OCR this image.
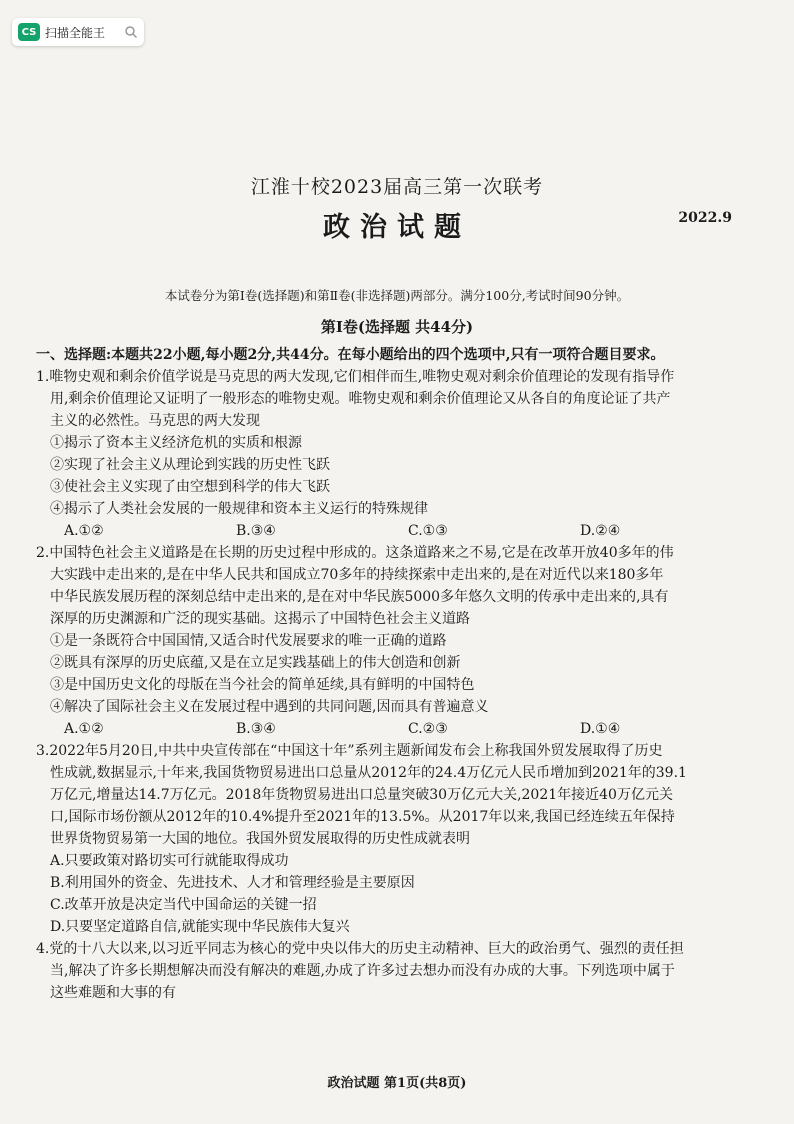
CS 扫描全能王
江淮十校2023届高三第一次联考
政治试题	2022.9
本试卷分为第Ⅰ卷(选择题)和第Ⅱ卷(非选择题)两部分。满分100分,考试时间90分钟。
第Ⅰ卷(选择题 共44分)
一、选择题:本题共22小题,每小题2分,共44分。在每小题给出的四个选项中,只有一项符合题目要求。
1.唯物史观和剩余价值学说是马克思的两大发现,它们相伴而生,唯物史观对剩余价值理论的发现有指导作
用,剩余价值理论又证明了一般形态的唯物史观。唯物史观和剩余价值理论又从各自的角度论证了共产
主义的必然性。马克思的两大发现
①揭示了资本主义经济危机的实质和根源
②实现了社会主义从理论到实践的历史性飞跃
③使社会主义实现了由空想到科学的伟大飞跃
④揭示了人类社会发展的一般规律和资本主义运行的特殊规律
A.①②	B.③④	C.①③	D.②④
2.中国特色社会主义道路是在长期的历史过程中形成的。这条道路来之不易,它是在改革开放40多年的伟
大实践中走出来的,是在中华人民共和国成立70多年的持续探索中走出来的,是在对近代以来180多年
中华民族发展历程的深刻总结中走出来的,是在对中华民族5000多年悠久文明的传承中走出来的,具有
深厚的历史渊源和广泛的现实基础。这揭示了中国特色社会主义道路
①是一条既符合中国国情,又适合时代发展要求的唯一正确的道路
②既具有深厚的历史底蕴,又是在立足实践基础上的伟大创造和创新
③是中国历史文化的母版在当今社会的简单延续,具有鲜明的中国特色
④解决了国际社会主义在发展过程中遇到的共同问题,因而具有普遍意义
A.①②	B.③④	C.②③	D.①④
3.2022年5月20日,中共中央宣传部在“中国这十年”系列主题新闻发布会上称我国外贸发展取得了历史
性成就,数据显示,十年来,我国货物贸易进出口总量从2012年的24.4万亿元人民币增加到2021年的39.1
万亿元,增量达14.7万亿元。2018年货物贸易进出口总量突破30万亿元大关,2021年接近40万亿元关
口,国际市场份额从2012年的10.4%提升至2021年的13.5%。从2017年以来,我国已经连续五年保持
世界货物贸易第一大国的地位。我国外贸发展取得的历史性成就表明
A.只要政策对路切实可行就能取得成功
B.利用国外的资金、先进技术、人才和管理经验是主要原因
C.改革开放是决定当代中国命运的关键一招
D.只要坚定道路自信,就能实现中华民族伟大复兴
4.党的十八大以来,以习近平同志为核心的党中央以伟大的历史主动精神、巨大的政治勇气、强烈的责任担
当,解决了许多长期想解决而没有解决的难题,办成了许多过去想办而没有办成的大事。下列选项中属于
这些难题和大事的有
政治试题 第1页(共8页)
